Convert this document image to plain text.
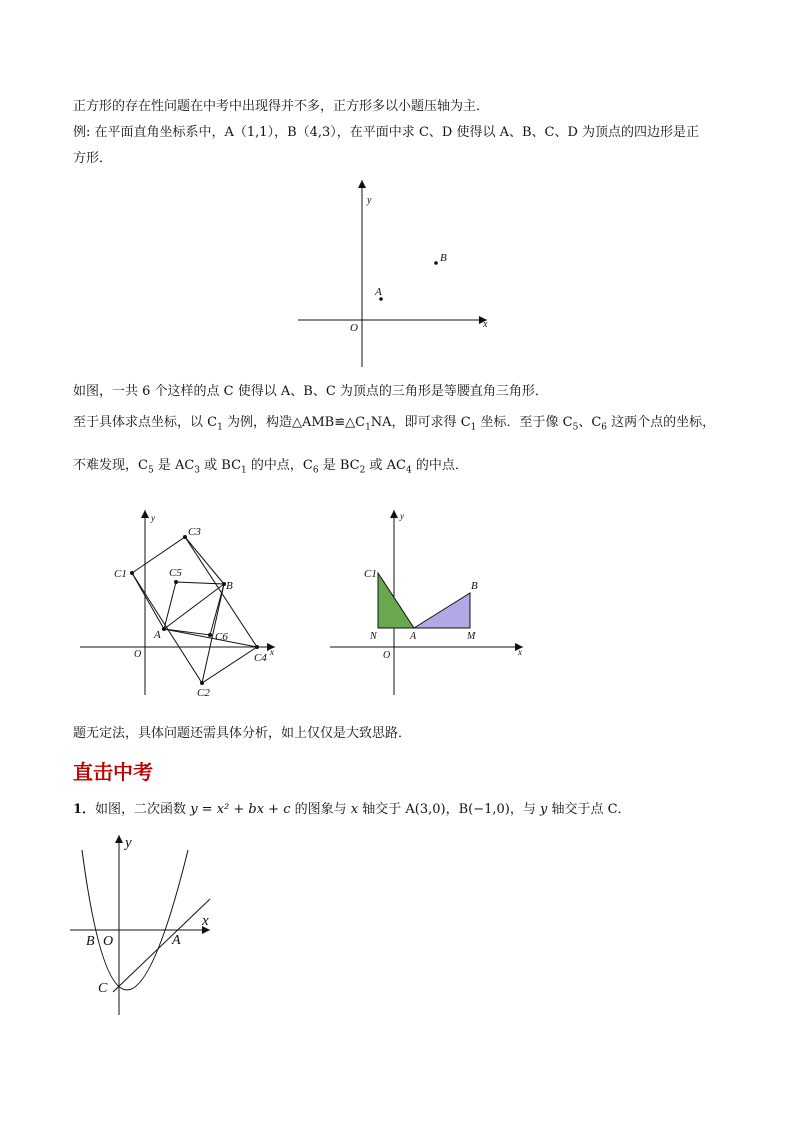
正方形的存在性问题在中考中出现得并不多，正方形多以小题压轴为主．
例: 在平面直角坐标系中，A（1,1），B（4,3），在平面中求 C、D 使得以 A、B、C、D 为顶点的四边形是正
方形．
x
y
O
A
B
如图，一共 6 个这样的点 C 使得以 A、B、C 为顶点的三角形是等腰直角三角形．
至于具体求点坐标，以 $C_1$ 为例，构造$\triangle AMB≌\triangle C_1NA$，即可求得 $C_1$ 坐标．至于像 $C_5$、$C_6$ 这两个点的坐标，
不难发现，$C_5$ 是 $AC_3$ 或 $BC_1$ 的中点，$C_6$ 是 $BC_2$ 或 $AC_4$ 的中点．
x
y
O
A
B
C1
C3
C4
C2
C5
C6
x
y
O
C1
B
N	A	M
题无定法，具体问题还需具体分析，如上仅仅是大致思路．
直击中考
1．如图，二次函数 y = x² + bx + c 的图象与 x 轴交于 A(3,0)，B(−1,0)，与 y 轴交于点 C．
x
y
O
B	A
C
